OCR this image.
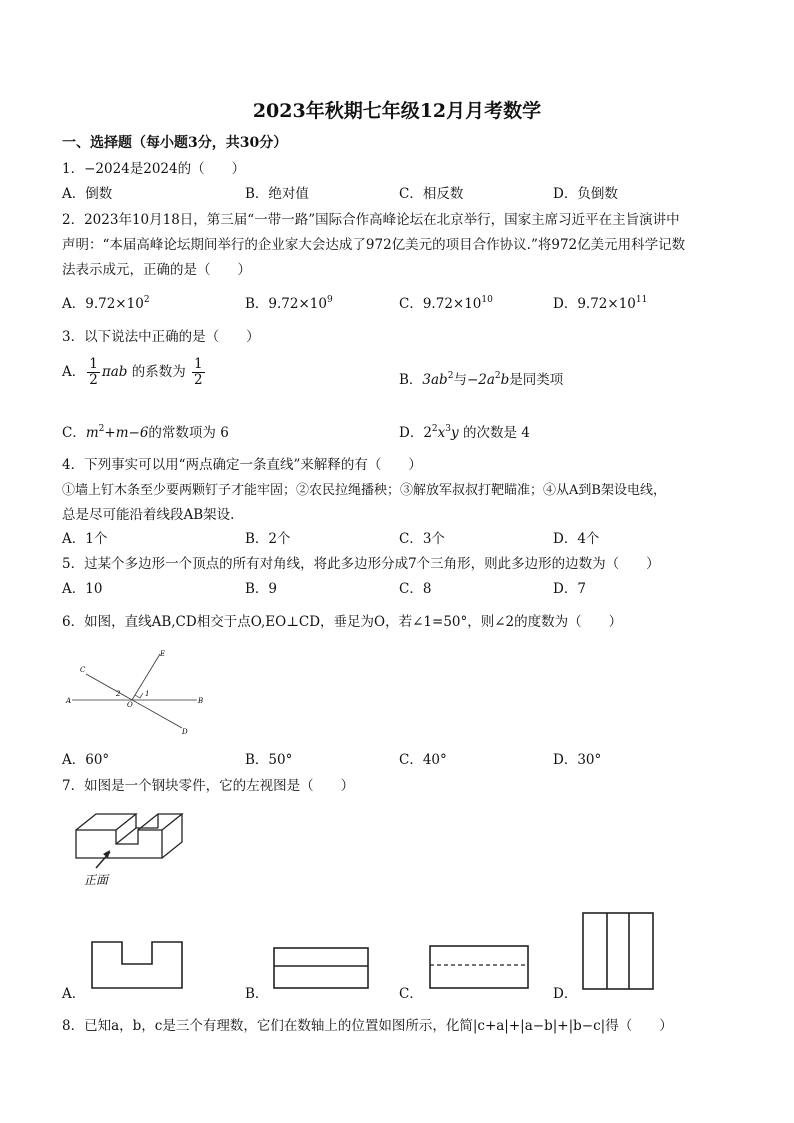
2023年秋期七年级12月月考数学
一、选择题（每小题3分，共30分）
1．−2024是2024的（　　）
A．倒数	B．绝对值	C．相反数	D．负倒数
2．2023年10月18日，第三届“一带一路”国际合作高峰论坛在北京举行，国家主席习近平在主旨演讲中
声明：“本届高峰论坛期间举行的企业家大会达成了972亿美元的项目合作协议.”将972亿美元用科学记数
法表示成元，正确的是（　　）
A．$9.72\times 10^2$	B．$9.72\times 10^9$	C．$9.72\times 10^{10}$	D．$9.72\times 10^{11}$
3．以下说法中正确的是（　　）
A． $\frac{1}{2}$ πab 的系数为 $\frac{1}{2}$	B．$3ab^2$与$-2a^2b$是同类项
C．$m^2+m-6$的常数项为 6	D．$2^2x^3y$ 的次数是 4
4．下列事实可以用“两点确定一条直线”来解释的有（　　）
①墙上钉木条至少要两颗钉子才能牢固；②农民拉绳播秧；③解放军叔叔打靶瞄准；④从A到B架设电线，
总是尽可能沿着线段AB架设.
A．1个	B．2个	C．3个	D．4个
5．过某个多边形一个顶点的所有对角线，将此多边形分成7个三角形，则此多边形的边数为（　　）
A．10	B．9	C．8	D．7
6．如图，直线AB,CD相交于点O,EO⊥CD，垂足为O，若∠1=50°，则∠2的度数为（　　）
A	B
C
D
E
O
1
2
A．60°	B．50°	C．40°	D．30°
7．如图是一个钢块零件，它的左视图是（　　）
正面
A．	B．	C．	D．
8．已知a，b，c是三个有理数，它们在数轴上的位置如图所示，化简|c+a|+|a−b|+|b−c|得（　　）
